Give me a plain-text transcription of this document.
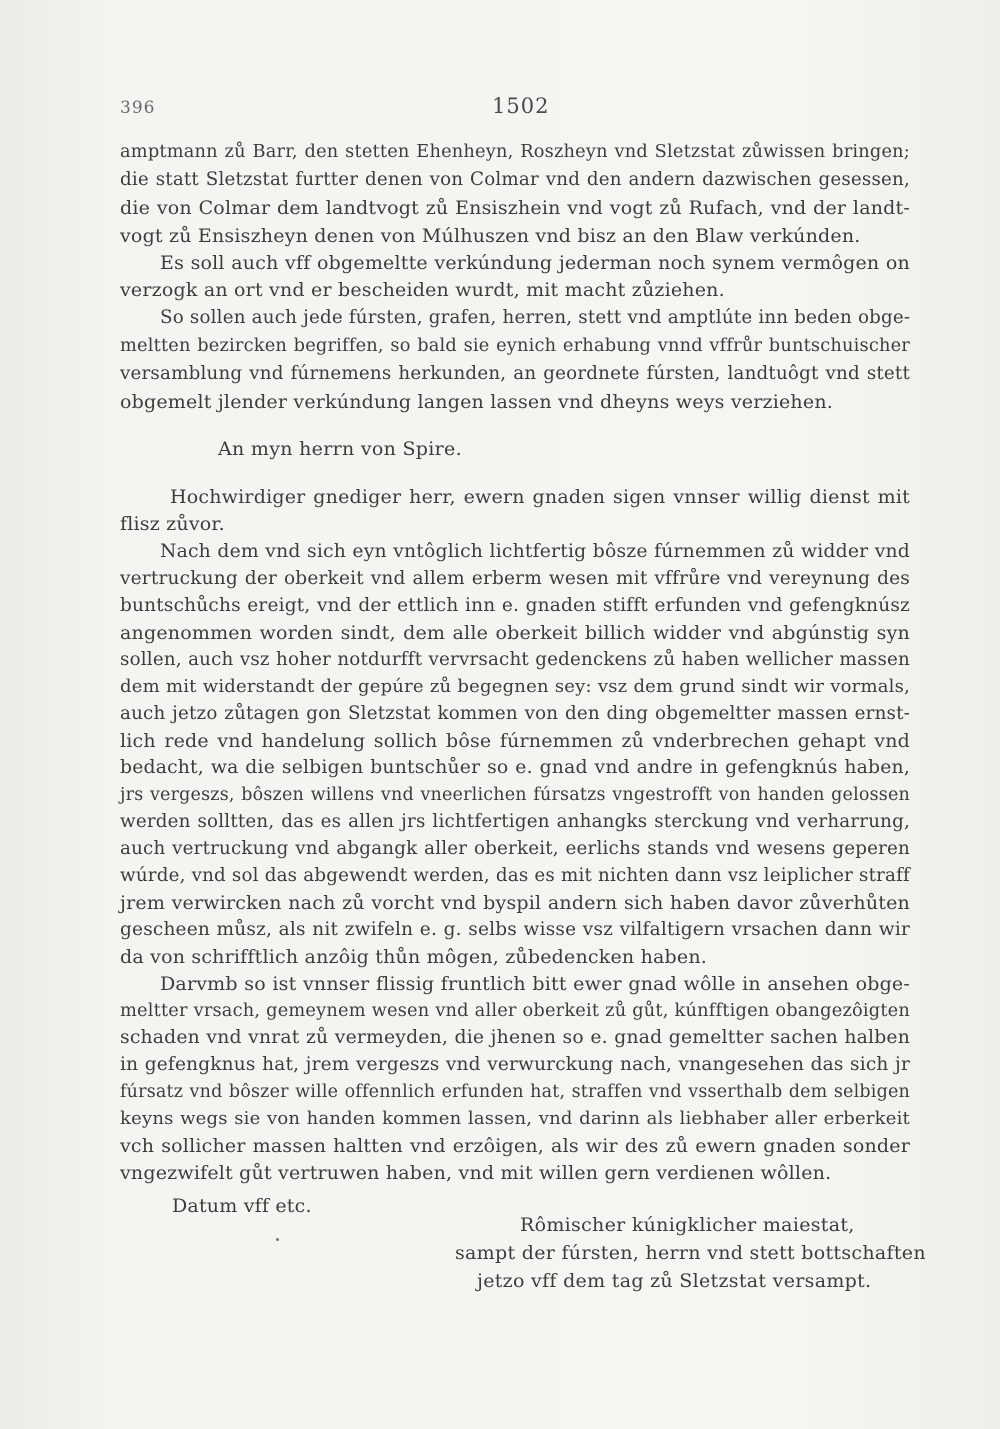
396	1502
amptmann zů Barr, den stetten Ehenheyn, Roszheyn vnd Sletzstat zůwissen bringen;
die statt Sletzstat furtter denen von Colmar vnd den andern dazwischen gesessen,
die von Colmar dem landtvogt zů Ensiszhein vnd vogt zů Rufach, vnd der landt-
vogt zů Ensiszheyn denen von Múlhuszen vnd bisz an den Blaw verkúnden.
Es soll auch vff obgemeltte verkúndung jederman noch synem vermôgen on
verzogk an ort vnd er bescheiden wurdt, mit macht zůziehen.
So sollen auch jede fúrsten, grafen, herren, stett vnd amptlúte inn beden obge-
meltten bezircken begriffen, so bald sie eynich erhabung vnnd vffrůr buntschuischer
versamblung vnd fúrnemens herkunden, an geordnete fúrsten, landtuôgt vnd stett
obgemelt jlender verkúndung langen lassen vnd dheyns weys verziehen.
An myn herrn von Spire.
Hochwirdiger gnediger herr, ewern gnaden sigen vnnser willig dienst mit
flisz zůvor.
Nach dem vnd sich eyn vntôglich lichtfertig bôsze fúrnemmen zů widder vnd
vertruckung der oberkeit vnd allem erberm wesen mit vffrůre vnd vereynung des
buntschůchs ereigt, vnd der ettlich inn e. gnaden stifft erfunden vnd gefengknúsz
angenommen worden sindt, dem alle oberkeit billich widder vnd abgúnstig syn
sollen, auch vsz hoher notdurfft vervrsacht gedenckens zů haben wellicher massen
dem mit widerstandt der gepúre zů begegnen sey: vsz dem grund sindt wir vormals,
auch jetzo zůtagen gon Sletzstat kommen von den ding obgemeltter massen ernst-
lich rede vnd handelung sollich bôse fúrnemmen zů vnderbrechen gehapt vnd
bedacht, wa die selbigen buntschůer so e. gnad vnd andre in gefengknús haben,
jrs vergeszs, bôszen willens vnd vneerlichen fúrsatzs vngestrofft von handen gelossen
werden solltten, das es allen jrs lichtfertigen anhangks sterckung vnd verharrung,
auch vertruckung vnd abgangk aller oberkeit, eerlichs stands vnd wesens geperen
wúrde, vnd sol das abgewendt werden, das es mit nichten dann vsz leiplicher straff
jrem verwircken nach zů vorcht vnd byspil andern sich haben davor zůverhůten
gescheen můsz, als nit zwifeln e. g. selbs wisse vsz vilfaltigern vrsachen dann wir
da von schrifftlich anzôig thůn môgen, zůbedencken haben.
Darvmb so ist vnnser flissig fruntlich bitt ewer gnad wôlle in ansehen obge-
meltter vrsach, gemeynem wesen vnd aller oberkeit zů gůt, kúnfftigen obangezôigten
schaden vnd vnrat zů vermeyden, die jhenen so e. gnad gemeltter sachen halben
in gefengknus hat, jrem vergeszs vnd verwurckung nach, vnangesehen das sich jr
fúrsatz vnd bôszer wille offennlich erfunden hat, straffen vnd vsserthalb dem selbigen
keyns wegs sie von handen kommen lassen, vnd darinn als liebhaber aller erberkeit
vch sollicher massen haltten vnd erzôigen, als wir des zů ewern gnaden sonder
vngezwifelt gůt vertruwen haben, vnd mit willen gern verdienen wôllen.
Datum vff etc.
Rômischer kúnigklicher maiestat,
sampt der fúrsten, herrn vnd stett bottschaften
jetzo vff dem tag zů Sletzstat versampt.
